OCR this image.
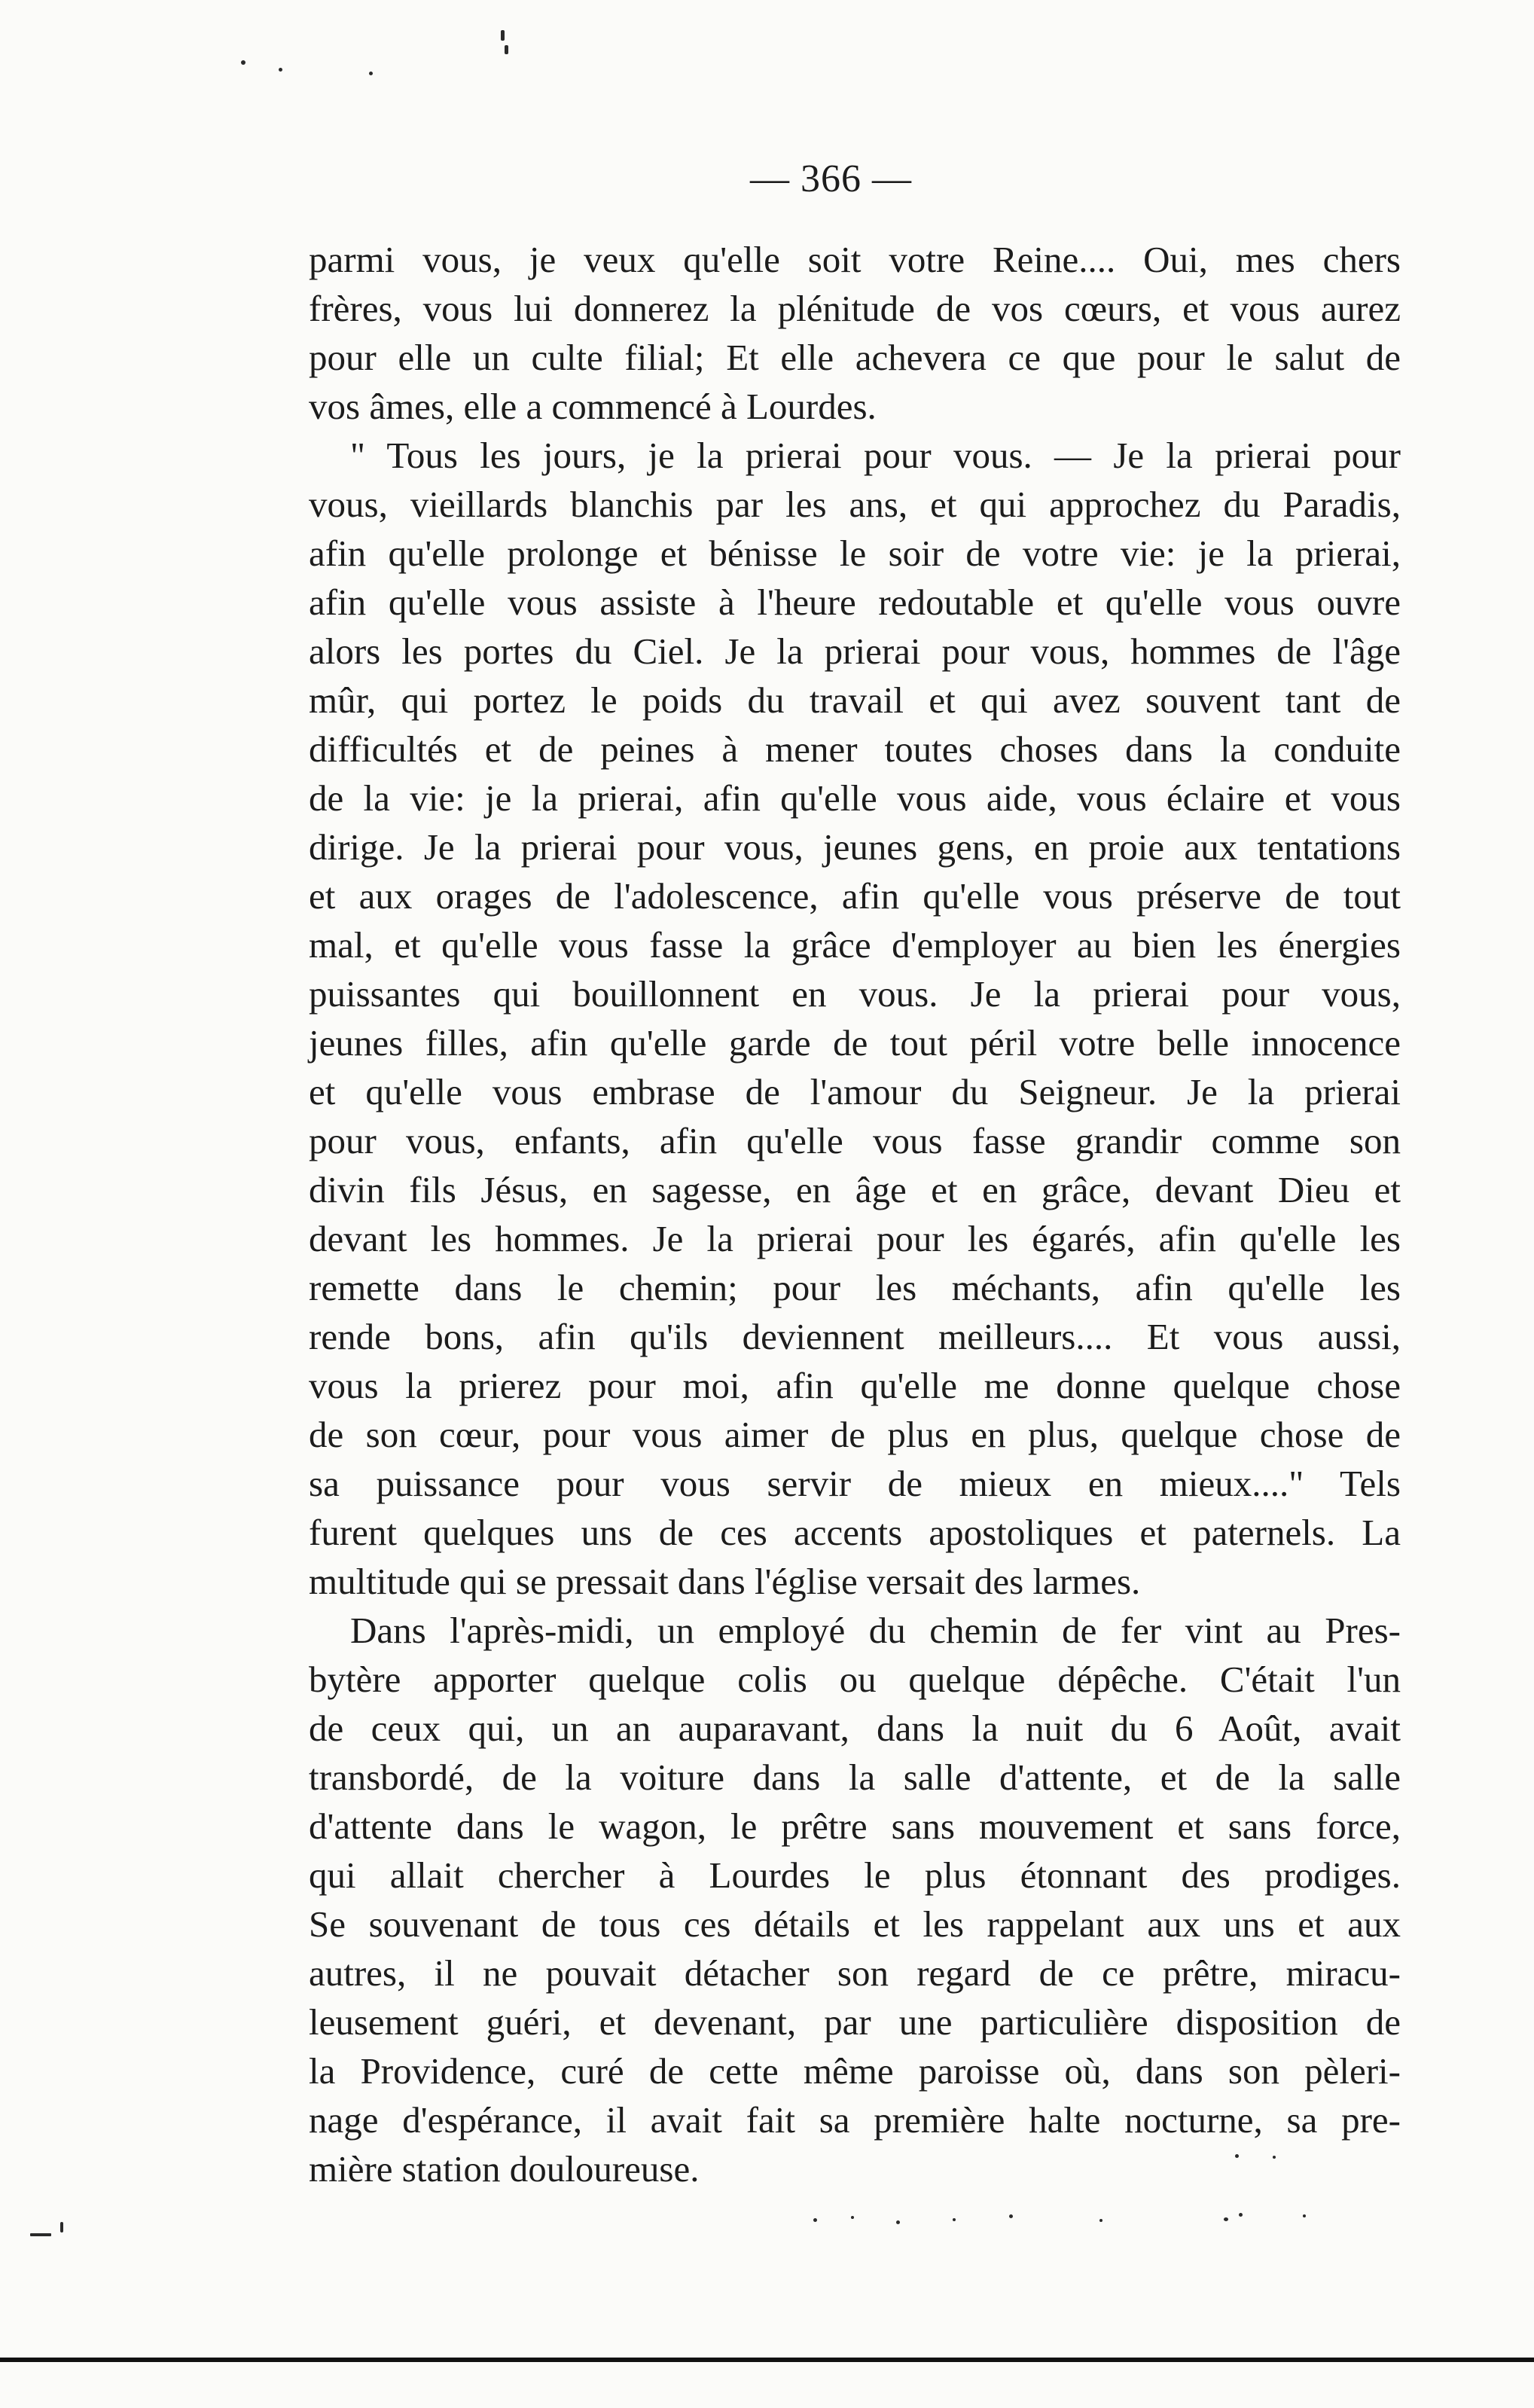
— 366 —
parmi vous, je veux qu'elle soit votre Reine.... Oui, mes chers
frères, vous lui donnerez la plénitude de vos cœurs, et vous aurez
pour elle un culte filial; Et elle achevera ce que pour le salut de
vos âmes, elle a commencé à Lourdes.
" Tous les jours, je la prierai pour vous. — Je la prierai pour
vous, vieillards blanchis par les ans, et qui approchez du Paradis,
afin qu'elle prolonge et bénisse le soir de votre vie: je la prierai,
afin qu'elle vous assiste à l'heure redoutable et qu'elle vous ouvre
alors les portes du Ciel. Je la prierai pour vous, hommes de l'âge
mûr, qui portez le poids du travail et qui avez souvent tant de
difficultés et de peines à mener toutes choses dans la conduite
de la vie: je la prierai, afin qu'elle vous aide, vous éclaire et vous
dirige. Je la prierai pour vous, jeunes gens, en proie aux tentations
et aux orages de l'adolescence, afin qu'elle vous préserve de tout
mal, et qu'elle vous fasse la grâce d'employer au bien les énergies
puissantes qui bouillonnent en vous. Je la prierai pour vous,
jeunes filles, afin qu'elle garde de tout péril votre belle innocence
et qu'elle vous embrase de l'amour du Seigneur. Je la prierai
pour vous, enfants, afin qu'elle vous fasse grandir comme son
divin fils Jésus, en sagesse, en âge et en grâce, devant Dieu et
devant les hommes. Je la prierai pour les égarés, afin qu'elle les
remette dans le chemin; pour les méchants, afin qu'elle les
rende bons, afin qu'ils deviennent meilleurs.... Et vous aussi,
vous la prierez pour moi, afin qu'elle me donne quelque chose
de son cœur, pour vous aimer de plus en plus, quelque chose de
sa puissance pour vous servir de mieux en mieux...." Tels
furent quelques uns de ces accents apostoliques et paternels. La
multitude qui se pressait dans l'église versait des larmes.
Dans l'après-midi, un employé du chemin de fer vint au Pres-
bytère apporter quelque colis ou quelque dépêche. C'était l'un
de ceux qui, un an auparavant, dans la nuit du 6 Août, avait
transbordé, de la voiture dans la salle d'attente, et de la salle
d'attente dans le wagon, le prêtre sans mouvement et sans force,
qui allait chercher à Lourdes le plus étonnant des prodiges.
Se souvenant de tous ces détails et les rappelant aux uns et aux
autres, il ne pouvait détacher son regard de ce prêtre, miracu-
leusement guéri, et devenant, par une particulière disposition de
la Providence, curé de cette même paroisse où, dans son pèleri-
nage d'espérance, il avait fait sa première halte nocturne, sa pre-
mière station douloureuse.
